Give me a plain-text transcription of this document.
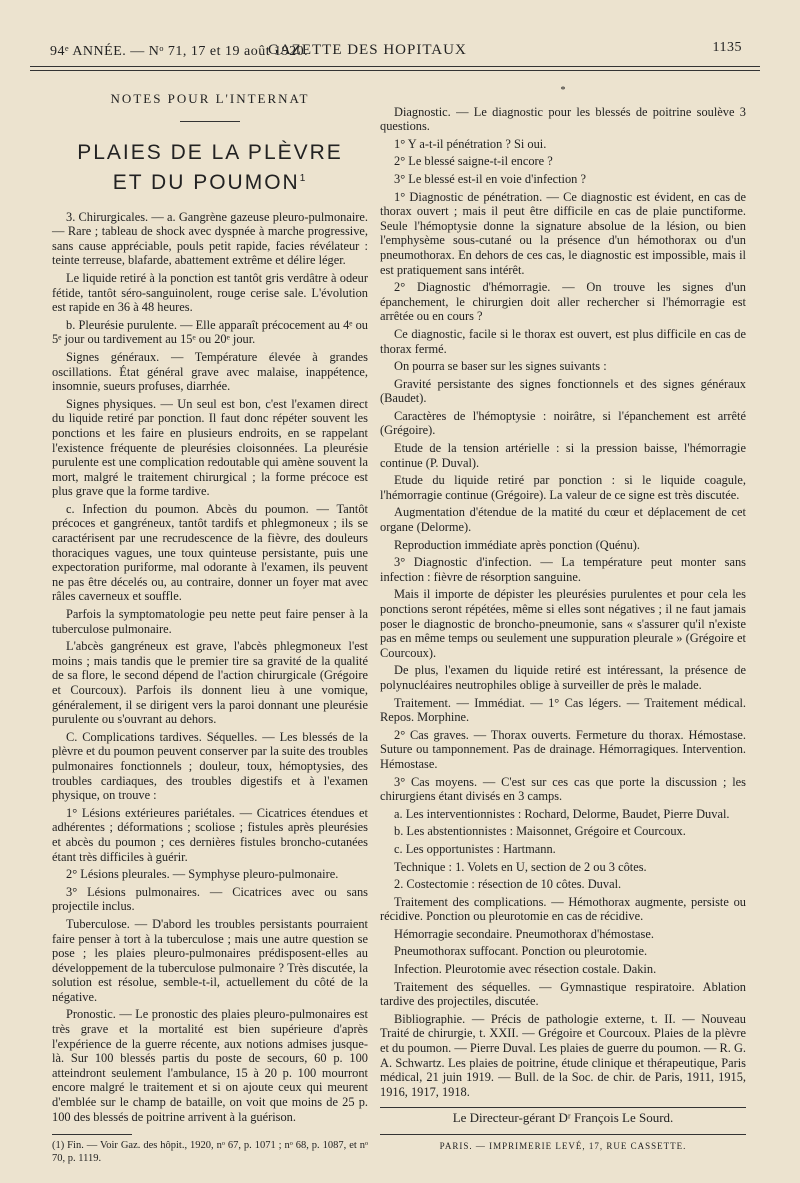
94ᵉ ANNÉE. — Nᵒ 71, 17 et 19 août 1920.
GAZETTE DES HOPITAUX	1135
NOTES POUR L'INTERNAT
PLAIES DE LA PLÈVRE
ET DU POUMON$^1$

3. Chirurgicales. — a. Gangrène gazeuse pleuro-pulmonaire. — Rare ; tableau de shock avec dyspnée à marche progressive, sans cause appréciable, pouls petit rapide, facies révélateur : teinte terreuse, blafarde, abattement extrême et délire léger.

Le liquide retiré à la ponction est tantôt gris verdâtre à odeur fétide, tantôt séro-sanguinolent, rouge cerise sale. L'évolution est rapide en 36 à 48 heures.

b. Pleurésie purulente. — Elle apparaît précocement au 4ᵉ ou 5ᵉ jour ou tardivement au 15ᵉ ou 20ᵉ jour.

Signes généraux. — Température élevée à grandes oscillations. État général grave avec malaise, inappétence, insomnie, sueurs profuses, diarrhée.

Signes physiques. — Un seul est bon, c'est l'examen direct du liquide retiré par ponction. Il faut donc répéter souvent les ponctions et les faire en plusieurs endroits, en se rappelant l'existence fréquente de pleurésies cloisonnées. La pleurésie purulente est une complication redoutable qui amène souvent la mort, malgré le traitement chirurgical ; la forme précoce est plus grave que la forme tardive.

c. Infection du poumon. Abcès du poumon. — Tantôt précoces et gangréneux, tantôt tardifs et phlegmoneux ; ils se caractérisent par une recrudescence de la fièvre, des douleurs thoraciques vagues, une toux quinteuse persistante, puis une expectoration puriforme, mal odorante à l'examen, ils peuvent ne pas être décelés ou, au contraire, donner un foyer mat avec râles caverneux et souffle.

Parfois la symptomatologie peu nette peut faire penser à la tuberculose pulmonaire.

L'abcès gangréneux est grave, l'abcès phlegmoneux l'est moins ; mais tandis que le premier tire sa gravité de la qualité de sa flore, le second dépend de l'action chirurgicale (Grégoire et Courcoux). Parfois ils donnent lieu à une vomique, généralement, il se dirigent vers la paroi donnant une pleurésie purulente ou s'ouvrant au dehors.

C. Complications tardives. Séquelles. — Les blessés de la plèvre et du poumon peuvent conserver par la suite des troubles pulmonaires fonctionnels ; douleur, toux, hémoptysies, des troubles cardiaques, des troubles digestifs et à l'examen physique, on trouve :

1° Lésions extérieures pariétales. — Cicatrices étendues et adhérentes ; déformations ; scoliose ; fistules après pleurésies et abcès du poumon ; ces dernières fistules broncho-cutanées étant très difficiles à guérir.

2° Lésions pleurales. — Symphyse pleuro-pulmonaire.

3° Lésions pulmonaires. — Cicatrices avec ou sans projectile inclus.

Tuberculose. — D'abord les troubles persistants pourraient faire penser à tort à la tuberculose ; mais une autre question se pose ; les plaies pleuro-pulmonaires prédisposent-elles au développement de la tuberculose pulmonaire ? Très discutée, la solution est résolue, semble-t-il, actuellement du côté de la négative.

Pronostic. — Le pronostic des plaies pleuro-pulmonaires est très grave et la mortalité est bien supérieure d'après l'expérience de la guerre récente, aux notions admises jusque-là. Sur 100 blessés partis du poste de secours, 60 p. 100 atteindront seulement l'ambulance, 15 à 20 p. 100 mourront encore malgré le traitement et si on ajoute ceux qui meurent d'emblée sur le champ de bataille, on voit que moins de 25 p. 100 des blessés de poitrine arrivent à la guérison.

(1) Fin. — Voir Gaz. des hôpit., 1920, nᵒ 67, p. 1071 ; nᵒ 68, p. 1087, et nᵒ 70, p. 1119.
*

Diagnostic. — Le diagnostic pour les blessés de poitrine soulève 3 questions.

1° Y a-t-il pénétration ? Si oui.

2° Le blessé saigne-t-il encore ?

3° Le blessé est-il en voie d'infection ?

1° Diagnostic de pénétration. — Ce diagnostic est évident, en cas de thorax ouvert ; mais il peut être difficile en cas de plaie punctiforme. Seule l'hémoptysie donne la signature absolue de la lésion, ou bien l'emphysème sous-cutané ou la présence d'un hémothorax ou d'un pneumothorax. En dehors de ces cas, le diagnostic est impossible, mais il est pratiquement sans intérêt.

2° Diagnostic d'hémorragie. — On trouve les signes d'un épanchement, le chirurgien doit aller rechercher si l'hémorragie est arrêtée ou en cours ?

Ce diagnostic, facile si le thorax est ouvert, est plus difficile en cas de thorax fermé.

On pourra se baser sur les signes suivants :

Gravité persistante des signes fonctionnels et des signes généraux (Baudet).

Caractères de l'hémoptysie : noirâtre, si l'épanchement est arrêté (Grégoire).

Etude de la tension artérielle : si la pression baisse, l'hémorragie continue (P. Duval).

Etude du liquide retiré par ponction : si le liquide coagule, l'hémorragie continue (Grégoire). La valeur de ce signe est très discutée.

Augmentation d'étendue de la matité du cœur et déplacement de cet organe (Delorme).

Reproduction immédiate après ponction (Quénu).

3° Diagnostic d'infection. — La température peut monter sans infection : fièvre de résorption sanguine.

Mais il importe de dépister les pleurésies purulentes et pour cela les ponctions seront répétées, même si elles sont négatives ; il ne faut jamais poser le diagnostic de broncho-pneumonie, sans « s'assurer qu'il n'existe pas en même temps ou seulement une suppuration pleurale » (Grégoire et Courcoux).

De plus, l'examen du liquide retiré est intéressant, la présence de polynucléaires neutrophiles oblige à surveiller de près le malade.

Traitement. — Immédiat. — 1° Cas légers. — Traitement médical. Repos. Morphine.

2° Cas graves. — Thorax ouverts. Fermeture du thorax. Hémostase. Suture ou tamponnement. Pas de drainage. Hémorragiques. Intervention. Hémostase.

3° Cas moyens. — C'est sur ces cas que porte la discussion ; les chirurgiens étant divisés en 3 camps.

a. Les interventionnistes : Rochard, Delorme, Baudet, Pierre Duval.

b. Les abstentionnistes : Maisonnet, Grégoire et Courcoux.

c. Les opportunistes : Hartmann.

Technique : 1. Volets en U, section de 2 ou 3 côtes.

2. Costectomie : résection de 10 côtes. Duval.

Traitement des complications. — Hémothorax augmente, persiste ou récidive. Ponction ou pleurotomie en cas de récidive.

Hémorragie secondaire. Pneumothorax d'hémostase.

Pneumothorax suffocant. Ponction ou pleurotomie.

Infection. Pleurotomie avec résection costale. Dakin.

Traitement des séquelles. — Gymnastique respiratoire. Ablation tardive des projectiles, discutée.

Bibliographie. — Précis de pathologie externe, t. II. — Nouveau Traité de chirurgie, t. XXII. — Grégoire et Courcoux. Plaies de la plèvre et du poumon. — Pierre Duval. Les plaies de guerre du poumon. — R. G. A. Schwartz. Les plaies de poitrine, étude clinique et thérapeutique, Paris médical, 21 juin 1919. — Bull. de la Soc. de chir. de Paris, 1911, 1915, 1916, 1917, 1918.

Le Directeur-gérant Dʳ François Le Sourd.
PARIS. — IMPRIMERIE LEVÉ, 17, RUE CASSETTE.
